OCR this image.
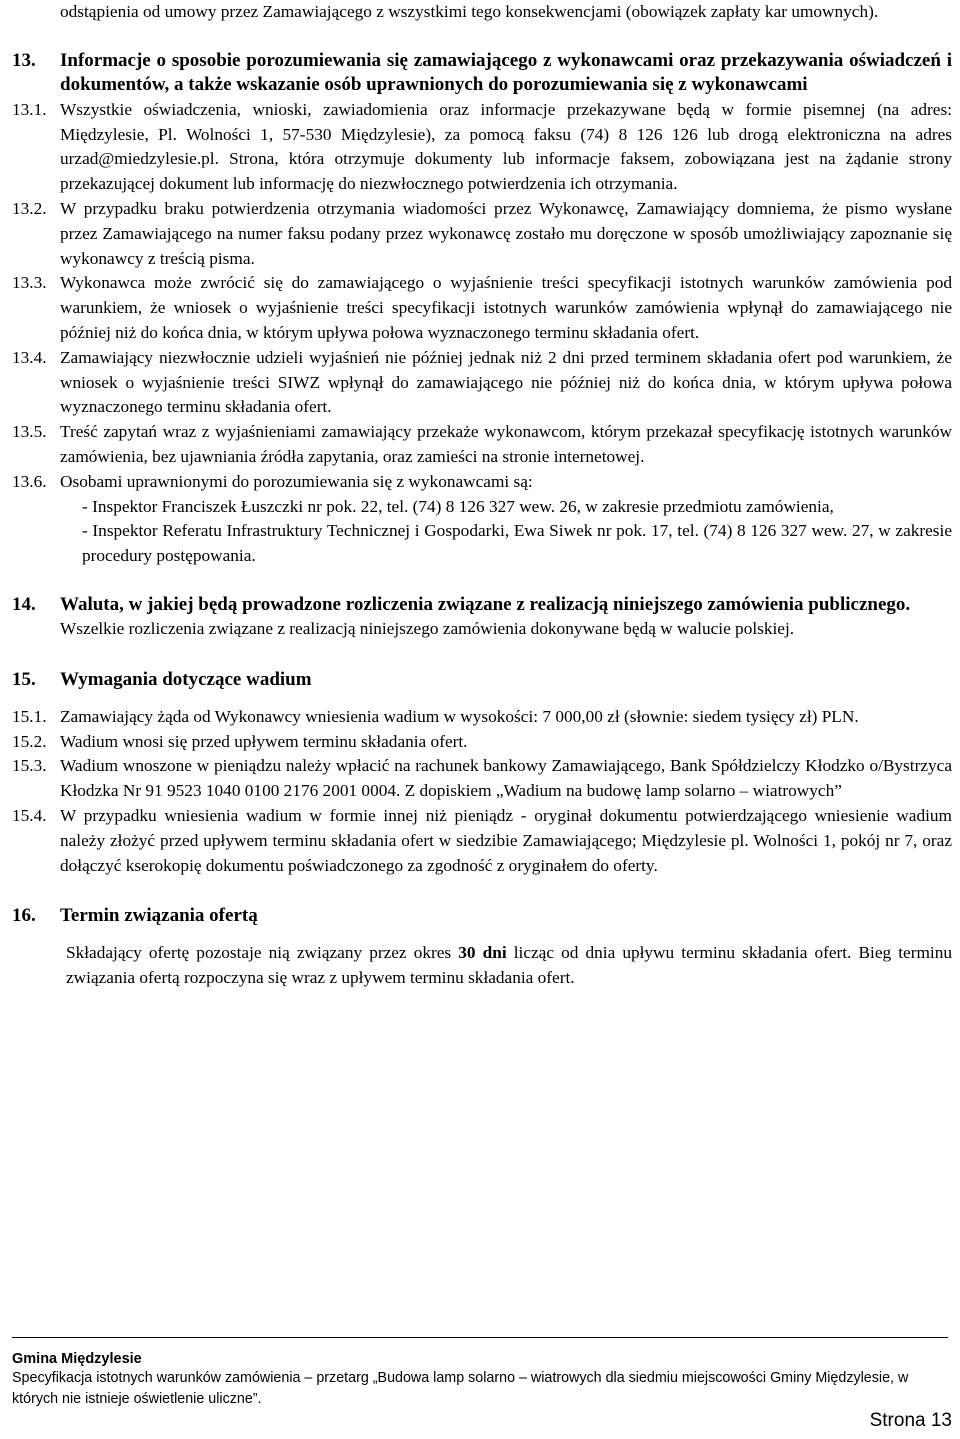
odstąpienia od umowy przez Zamawiającego z wszystkimi tego konsekwencjami (obowiązek zapłaty kar umownych).

13.	Informacje o sposobie porozumiewania się zamawiającego z wykonawcami oraz przekazywania oświadczeń i dokumentów, a także wskazanie osób uprawnionych do porozumiewania się z wykonawcami
13.1. Wszystkie oświadczenia, wnioski, zawiadomienia oraz informacje przekazywane będą w formie pisemnej (na adres: Międzylesie, Pl. Wolności 1, 57-530 Międzylesie), za pomocą faksu (74) 8 126 126 lub drogą elektroniczna na adres urzad@miedzylesie.pl. Strona, która otrzymuje dokumenty lub informacje faksem, zobowiązana jest na żądanie strony przekazującej dokument lub informację do niezwłocznego potwierdzenia ich otrzymania.
13.2. W przypadku braku potwierdzenia otrzymania wiadomości przez Wykonawcę, Zamawiający domniema, że pismo wysłane przez Zamawiającego na numer faksu podany przez wykonawcę zostało mu doręczone w sposób umożliwiający zapoznanie się wykonawcy z treścią pisma.
13.3. Wykonawca może zwrócić się do zamawiającego o wyjaśnienie treści specyfikacji istotnych warunków zamówienia pod warunkiem, że wniosek o wyjaśnienie treści specyfikacji istotnych warunków zamówienia wpłynął do zamawiającego nie później niż do końca dnia, w którym upływa połowa wyznaczonego terminu składania ofert.
13.4. Zamawiający niezwłocznie udzieli wyjaśnień nie później jednak niż 2 dni przed terminem składania ofert pod warunkiem, że wniosek o wyjaśnienie treści SIWZ wpłynął do zamawiającego nie później niż do końca dnia, w którym upływa połowa wyznaczonego terminu składania ofert.
13.5. Treść zapytań wraz z wyjaśnieniami zamawiający przekaże wykonawcom, którym przekazał specyfikację istotnych warunków zamówienia, bez ujawniania źródła zapytania, oraz zamieści na stronie internetowej.
13.6. Osobami uprawnionymi do porozumiewania się z wykonawcami są:

- Inspektor Franciszek Łuszczki nr pok. 22, tel. (74) 8 126 327 wew. 26, w zakresie przedmiotu zamówienia,

- Inspektor Referatu Infrastruktury Technicznej i Gospodarki, Ewa Siwek nr pok. 17, tel. (74) 8 126 327 wew. 27, w zakresie procedury postępowania.

14.	Waluta, w jakiej będą prowadzone rozliczenia związane z realizacją niniejszego zamówienia publicznego.

Wszelkie rozliczenia związane z realizacją niniejszego zamówienia dokonywane będą w walucie polskiej.

15.	Wymagania dotyczące wadium
15.1. Zamawiający żąda od Wykonawcy wniesienia wadium w wysokości: 7 000,00 zł (słownie: siedem tysięcy zł) PLN.
15.2. Wadium wnosi się przed upływem terminu składania ofert.
15.3. Wadium wnoszone w pieniądzu należy wpłacić na rachunek bankowy Zamawiającego, Bank Spółdzielczy Kłodzko o/Bystrzyca Kłodzka Nr 91 9523 1040 0100 2176 2001 0004. Z dopiskiem „Wadium na budowę lamp solarno – wiatrowych”
15.4. W przypadku wniesienia wadium w formie innej niż pieniądz - oryginał dokumentu potwierdzającego wniesienie wadium należy złożyć przed upływem terminu składania ofert w siedzibie Zamawiającego; Międzylesie pl. Wolności 1, pokój nr 7, oraz dołączyć kserokopię dokumentu poświadczonego za zgodność z oryginałem do oferty.
16.	Termin związania ofertą

Składający ofertę pozostaje nią związany przez okres 30 dni licząc od dnia upływu terminu składania ofert. Bieg terminu związania ofertą rozpoczyna się wraz z upływem terminu składania ofert.

Gmina Międzylesie
Specyfikacja istotnych warunków zamówienia – przetarg „Budowa lamp solarno – wiatrowych dla siedmiu miejscowości Gminy Międzylesie, w których nie istnieje oświetlenie uliczne”.
Strona 13
